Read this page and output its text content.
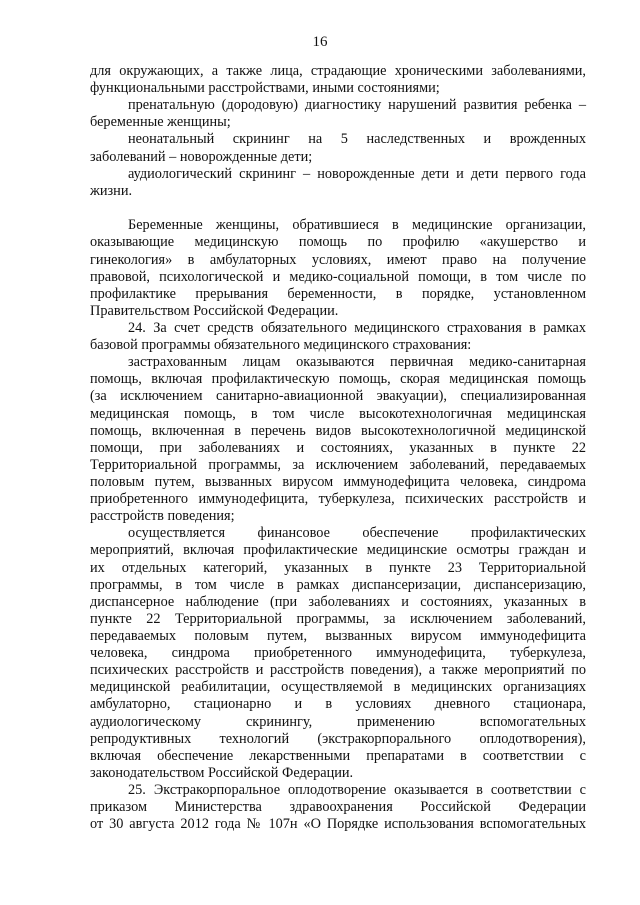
16
для окружающих, а также лица, страдающие хроническими заболеваниями,
функциональными расстройствами, иными состояниями;
пренатальную (дородовую) диагностику нарушений развития ребенка –
беременные женщины;
неонатальный скрининг на 5 наследственных и врожденных
заболеваний – новорожденные дети;
аудиологический скрининг – новорожденные дети и дети первого года
жизни.
Беременные женщины, обратившиеся в медицинские организации,
оказывающие медицинскую помощь по профилю «акушерство и
гинекология» в амбулаторных условиях, имеют право на получение
правовой, психологической и медико-социальной помощи, в том числе по
профилактике прерывания беременности, в порядке, установленном
Правительством Российской Федерации.
24. За счет средств обязательного медицинского страхования в рамках
базовой программы обязательного медицинского страхования:
застрахованным лицам оказываются первичная медико-санитарная
помощь, включая профилактическую помощь, скорая медицинская помощь
(за исключением санитарно-авиационной эвакуации), специализированная
медицинская помощь, в том числе высокотехнологичная медицинская
помощь, включенная в перечень видов высокотехнологичной медицинской
помощи, при заболеваниях и состояниях, указанных в пункте 22
Территориальной программы, за исключением заболеваний, передаваемых
половым путем, вызванных вирусом иммунодефицита человека, синдрома
приобретенного иммунодефицита, туберкулеза, психических расстройств и
расстройств поведения;
осуществляется финансовое обеспечение профилактических
мероприятий, включая профилактические медицинские осмотры граждан и
их отдельных категорий, указанных в пункте 23 Территориальной
программы, в том числе в рамках диспансеризации, диспансеризацию,
диспансерное наблюдение (при заболеваниях и состояниях, указанных в
пункте 22 Территориальной программы, за исключением заболеваний,
передаваемых половым путем, вызванных вирусом иммунодефицита
человека, синдрома приобретенного иммунодефицита, туберкулеза,
психических расстройств и расстройств поведения), а также мероприятий по
медицинской реабилитации, осуществляемой в медицинских организациях
амбулаторно, стационарно и в условиях дневного стационара,
аудиологическому скринингу, применению вспомогательных
репродуктивных технологий (экстракорпорального оплодотворения),
включая обеспечение лекарственными препаратами в соответствии с
законодательством Российской Федерации.
25. Экстракорпоральное оплодотворение оказывается в соответствии с
приказом Министерства здравоохранения Российской Федерации
от 30 августа 2012 года № 107н «О Порядке использования вспомогательных
